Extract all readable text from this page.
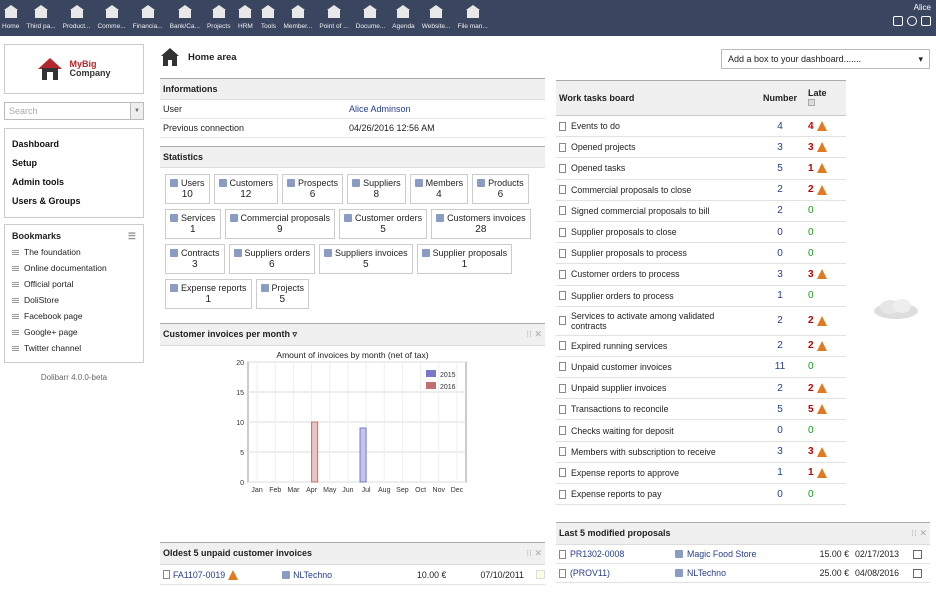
Home Third pa... Product... Comme... Financia... Bank/Ca... Projects HRM Tools Member... Point of ... Docume... Agenda Website... File man...
Alice
MyBig
Company
Search	▼
Dashboard
Setup
Admin tools
Users & Groups
Bookmarks	☰
The foundation
Online documentation
Official portal
DoliStore
Facebook page
Google+ page
Twitter channel
Dolibarr 4.0.0-beta
Home area
Informations
User	Alice Adminson
Previous connection	04/26/2016 12:56 AM
Statistics
Users
10
Customers
12
Prospects
6
Suppliers
8
Members
4
Products
6
Services
1
Commercial proposals
9
Customer orders
5
Customers invoices
28
Contracts
3
Suppliers orders
6
Suppliers invoices
5
Supplier proposals
1
Expense reports
1
Projects
5
Customer invoices per month ▿	⁝⁝ ✕
Amount of invoices by month (net of tax)
0
5
10
15
20
Jan Feb Mar Apr May Jun Jul Aug Sep Oct Nov Dec
2015
2016
Oldest 5 unpaid customer invoices	⁝⁝ ✕
FA1107-0019	NLTechno	10.00 €	07/10/2011
Add a box to your dashboard.......	▾
Work tasks board	Number	Late

Events to do	4	4
Opened projects	3	3
Opened tasks	5	1
Commercial proposals to close	2	2
Signed commercial proposals to bill	2	0
Supplier proposals to close	0	0
Supplier proposals to process	0	0
Customer orders to process	3	3
Supplier orders to process	1	0
Services to activate among validated contracts	2	2
Expired running services	2	2
Unpaid customer invoices	11	0
Unpaid supplier invoices	2	2
Transactions to reconcile	5	5
Checks waiting for deposit	0	0
Members with subscription to receive	3	3
Expense reports to approve	1	1
Expense reports to pay	0	0
Last 5 modified proposals	⁝⁝ ✕
PR1302-0008	Magic Food Store	15.00 € 02/17/2013
(PROV11)	NLTechno	25.00 € 04/08/2016
